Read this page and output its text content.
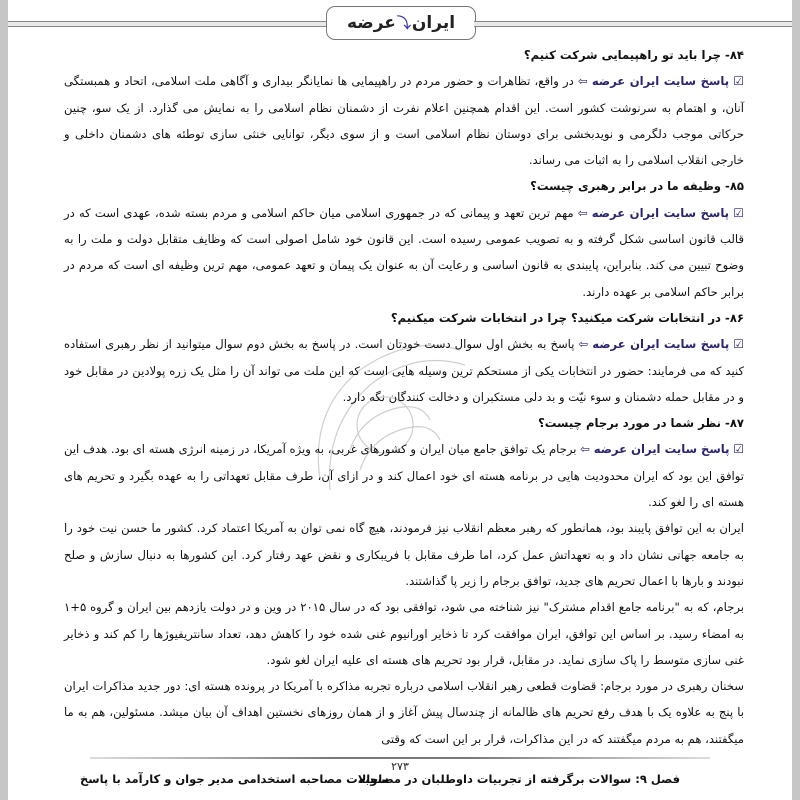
ایران
⤵
عرضه

۸۴- چرا باید تو راهپیمایی شرکت کنیم؟

☑ پاسخ سایت ایران عرضه ⇦ در واقع، تظاهرات و حضور مردم در راهپیمایی ها نمایانگر بیداری و آگاهی ملت اسلامی، اتحاد و همبستگی آنان، و اهتمام به سرنوشت کشور است. این اقدام همچنین اعلام نفرت از دشمنان نظام اسلامی را به نمایش می گذارد. از یک سو، چنین حرکاتی موجب دلگرمی و نویدبخشی برای دوستان نظام اسلامی است و از سوی دیگر، توانایی خنثی سازی توطئه های دشمنان داخلی و خارجی انقلاب اسلامی را به اثبات می رساند.

۸۵- وظیفه ما در برابر رهبری چیست؟

☑ پاسخ سایت ایران عرضه ⇦ مهم ترین تعهد و پیمانی که در جمهوری اسلامی میان حاکم اسلامی و مردم بسته شده، عهدی است که در قالب قانون اساسی شکل گرفته و به تصویب عمومی رسیده است. این قانون خود شامل اصولی است که وظایف متقابل دولت و ملت را به وضوح تبیین می کند. بنابراین، پایبندی به قانون اساسی و رعایت آن به عنوان یک پیمان و تعهد عمومی، مهم ترین وظیفه ای است که مردم در برابر حاکم اسلامی بر عهده دارند.

۸۶- در انتخابات شرکت میکنید؟ چرا در انتخابات شرکت میکنیم؟

☑ پاسخ سایت ایران عرضه ⇦ پاسخ به بخش اول سوال دست خودتان است. در پاسخ به بخش دوم سوال میتوانید از نظر رهبری استفاده کنید که می فرمایند: حضور در انتخابات یکی از مستحکم ترین وسیله هایی است که این ملت می تواند آن را مثل یک زره پولادین در مقابل خود و در مقابل حمله دشمنان و سوء نیّت و بد دلی مستکبران و دخالت کنندگان نگه دارد.

۸۷- نظر شما در مورد برجام چیست؟

☑ پاسخ سایت ایران عرضه ⇦ برجام یک توافق جامع میان ایران و کشورهای غربی، به ویژه آمریکا، در زمینه انرژی هسته ای بود. هدف این توافق این بود که ایران محدودیت هایی در برنامه هسته ای خود اعمال کند و در ازای آن، طرف مقابل تعهداتی را به عهده بگیرد و تحریم های هسته ای را لغو کند.

ایران به این توافق پایبند بود، همانطور که رهبر معظم انقلاب نیز فرمودند، هیچ گاه نمی توان به آمریکا اعتماد کرد. کشور ما حسن نیت خود را به جامعه جهانی نشان داد و به تعهداتش عمل کرد، اما طرف مقابل با فریبکاری و نقض عهد رفتار کرد. این کشورها به دنبال سازش و صلح نبودند و بارها با اعمال تحریم های جدید، توافق برجام را زیر پا گذاشتند.

برجام، که به "برنامه جامع اقدام مشترک" نیز شناخته می شود، توافقی بود که در سال ۲۰۱۵ در وین و در دولت یازدهم بین ایران و گروه ۵+۱ به امضاء رسید. بر اساس این توافق، ایران موافقت کرد تا ذخایر اورانیوم غنی شده خود را کاهش دهد، تعداد سانتریفیوژها را کم کند و ذخایر غنی سازی متوسط را پاک سازی نماید. در مقابل، قرار بود تحریم های هسته ای علیه ایران لغو شود.

سخنان رهبری در مورد برجام: قضاوت قطعی رهبر انقلاب اسلامی درباره تجربه مذاکره با آمریکا در پرونده هسته ای: دور جدید مذاکرات ایران با پنج به علاوه یک با هدف رفع تحریم های ظالمانه از چندسال پیش آغاز و از همان روزهای نخستین اهداف آن بیان میشد. مسئولین، هم به ما میگفتند، هم به مردم میگفتند که در این مذاکرات، قرار بر این است که وقتی

۲۷۳
فصل ۹: سوالات برگرفته از تجربیات داوطلبان در مصاحبه
سوالات مصاحبه استخدامی مدیر جوان و کارآمد با پاسخ
